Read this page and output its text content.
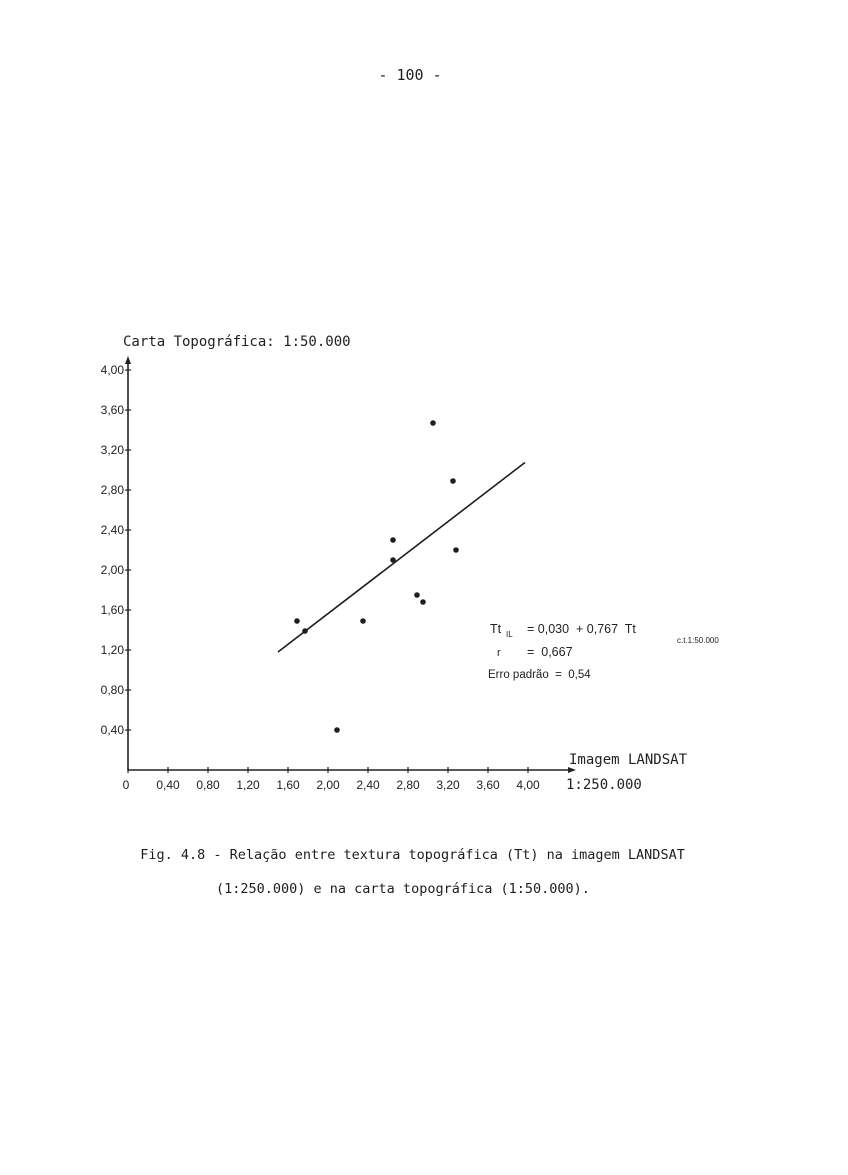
- 100 -
0 0,40 0,80 1,20 1,60 2,00 2,40 2,80 3,20 3,60 4,00
0,40
0,80
1,20
1,60
2,00
2,40
2,80
3,20
3,60
4,00
Carta Topográfica: 1:50.000
Imagem LANDSAT
1:250.000
Tt IL = 0,030  + 0,767  Tt
c.t.1:50.000
r =  0,667
Erro padrão  =  0,54

Fig. 4.8 - Relação entre textura topográfica (Tt) na imagem LANDSAT

(1:250.000) e na carta topográfica (1:50.000).
